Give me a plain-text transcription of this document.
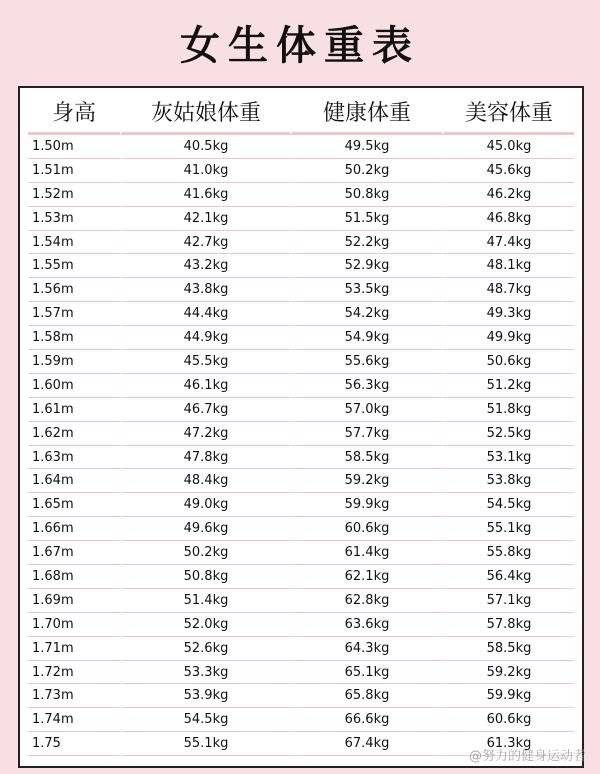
女生体重表
身高	灰姑娘体重	健康体重	美容体重
1.50m	40.5kg	49.5kg	45.0kg
1.51m	41.0kg	50.2kg	45.6kg
1.52m	41.6kg	50.8kg	46.2kg
1.53m	42.1kg	51.5kg	46.8kg
1.54m	42.7kg	52.2kg	47.4kg
1.55m	43.2kg	52.9kg	48.1kg
1.56m	43.8kg	53.5kg	48.7kg
1.57m	44.4kg	54.2kg	49.3kg
1.58m	44.9kg	54.9kg	49.9kg
1.59m	45.5kg	55.6kg	50.6kg
1.60m	46.1kg	56.3kg	51.2kg
1.61m	46.7kg	57.0kg	51.8kg
1.62m	47.2kg	57.7kg	52.5kg
1.63m	47.8kg	58.5kg	53.1kg
1.64m	48.4kg	59.2kg	53.8kg
1.65m	49.0kg	59.9kg	54.5kg
1.66m	49.6kg	60.6kg	55.1kg
1.67m	50.2kg	61.4kg	55.8kg
1.68m	50.8kg	62.1kg	56.4kg
1.69m	51.4kg	62.8kg	57.1kg
1.70m	52.0kg	63.6kg	57.8kg
1.71m	52.6kg	64.3kg	58.5kg
1.72m	53.3kg	65.1kg	59.2kg
1.73m	53.9kg	65.8kg	59.9kg
1.74m	54.5kg	66.6kg	60.6kg
1.75	55.1kg	67.4kg	61.3kg
@努力的健身运动者
